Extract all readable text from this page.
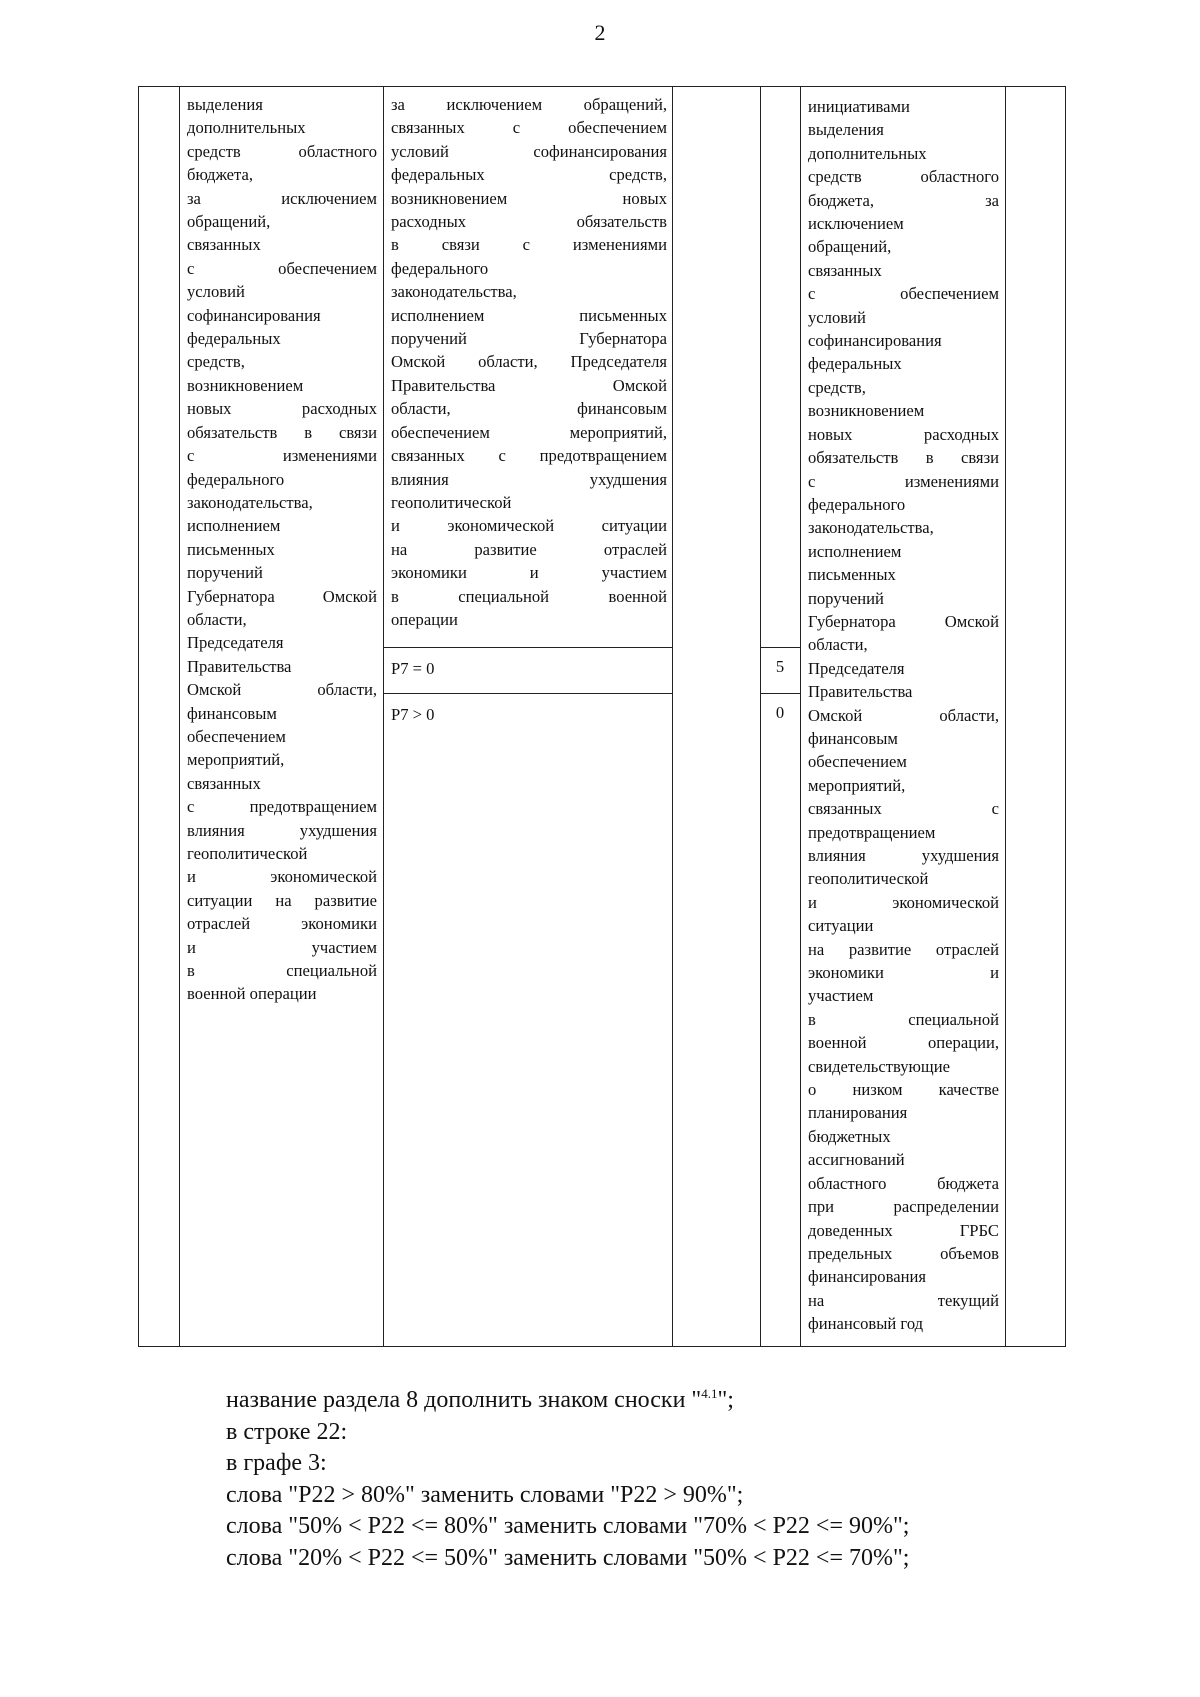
2
выделения
дополнительных
средств областного
бюджета,
за исключением
обращений,
связанных
с обеспечением
условий
софинансирования
федеральных
средств,
возникновением
новых расходных
обязательств в связи
с изменениями
федерального
законодательства,
исполнением
письменных
поручений
Губернатора Омской
области,
Председателя
Правительства
Омской области,
финансовым
обеспечением
мероприятий,
связанных
с предотвращением
влияния ухудшения
геополитической
и экономической
ситуации на развитие
отраслей экономики
и участием
в специальной
военной операции
за исключением обращений,
связанных с обеспечением
условий софинансирования
федеральных средств,
возникновением новых
расходных обязательств
в связи с изменениями
федерального
законодательства,
исполнением письменных
поручений Губернатора
Омской области, Председателя
Правительства Омской
области, финансовым
обеспечением мероприятий,
связанных с предотвращением
влияния ухудшения
геополитической
и экономической ситуации
на развитие отраслей
экономики и участием
в специальной военной
операции
P7 = 0
P7 > 0
5
0
инициативами
выделения
дополнительных
средств областного
бюджета, за
исключением
обращений,
связанных
с обеспечением
условий
софинансирования
федеральных
средств,
возникновением
новых расходных
обязательств в связи
с изменениями
федерального
законодательства,
исполнением
письменных
поручений
Губернатора Омской
области,
Председателя
Правительства
Омской области,
финансовым
обеспечением
мероприятий,
связанных с
предотвращением
влияния ухудшения
геополитической
и экономической
ситуации
на развитие отраслей
экономики и
участием
в специальной
военной операции,
свидетельствующие
о низком качестве
планирования
бюджетных
ассигнований
областного бюджета
при распределении
доведенных ГРБС
предельных объемов
финансирования
на текущий
финансовый год
название раздела 8 дополнить знаком сноски "$^{4.1}$";
в строке 22:
в графе 3:
слова "P22 > 80%" заменить словами "P22 > 90%";
слова "50% < P22 <= 80%" заменить словами "70% < P22 <= 90%";
слова "20% < P22 <= 50%" заменить словами "50% < P22 <= 70%";
